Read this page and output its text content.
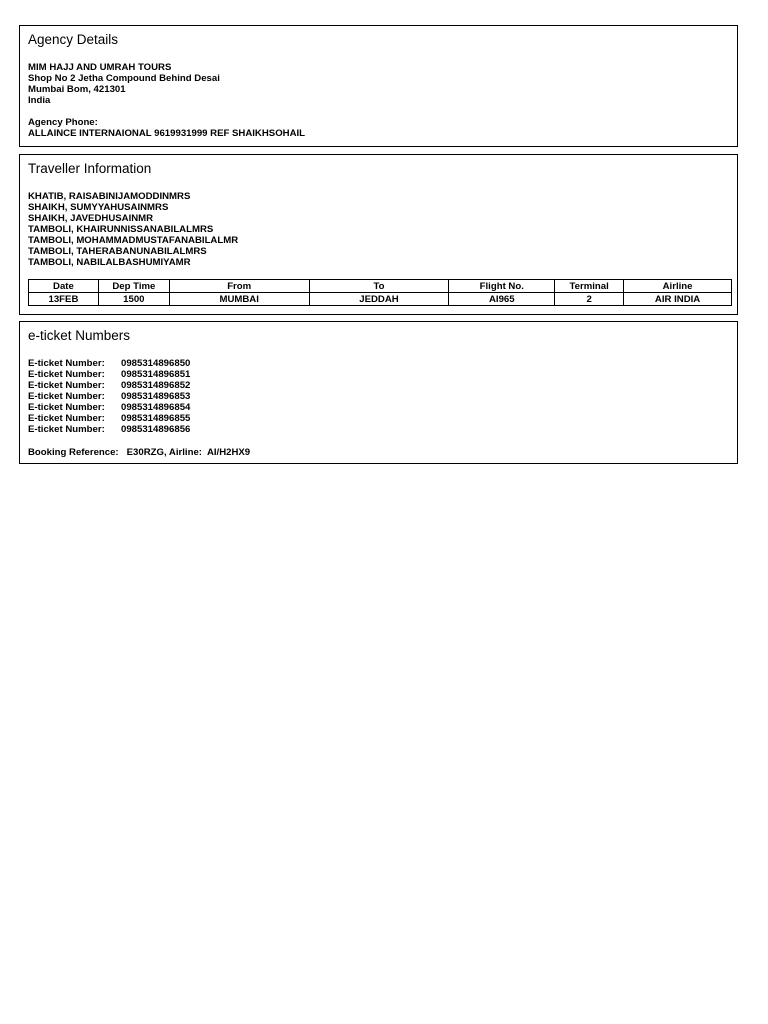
Agency Details
MIM HAJJ AND UMRAH TOURS
Shop No 2 Jetha Compound Behind Desai
Mumbai Bom, 421301
India
Agency Phone:
ALLAINCE INTERNAIONAL 9619931999 REF SHAIKHSOHAIL
Traveller Information
KHATIB, RAISABINIJAMODDINMRS
SHAIKH, SUMYYAHUSAINMRS
SHAIKH, JAVEDHUSAINMR
TAMBOLI, KHAIRUNNISSANABILALMRS
TAMBOLI, MOHAMMADMUSTAFANABILALMR
TAMBOLI, TAHERABANUNABILALMRS
TAMBOLI, NABILALBASHUMIYAMR
Date	Dep Time	From	To	Flight No.	Terminal	Airline
13FEB	1500	MUMBAI	JEDDAH	AI965	2	AIR INDIA
e-ticket Numbers
E-ticket Number: 0985314896850
E-ticket Number: 0985314896851
E-ticket Number: 0985314896852
E-ticket Number: 0985314896853
E-ticket Number: 0985314896854
E-ticket Number: 0985314896855
E-ticket Number: 0985314896856
Booking Reference: E30RZG, Airline:  AI/H2HX9
